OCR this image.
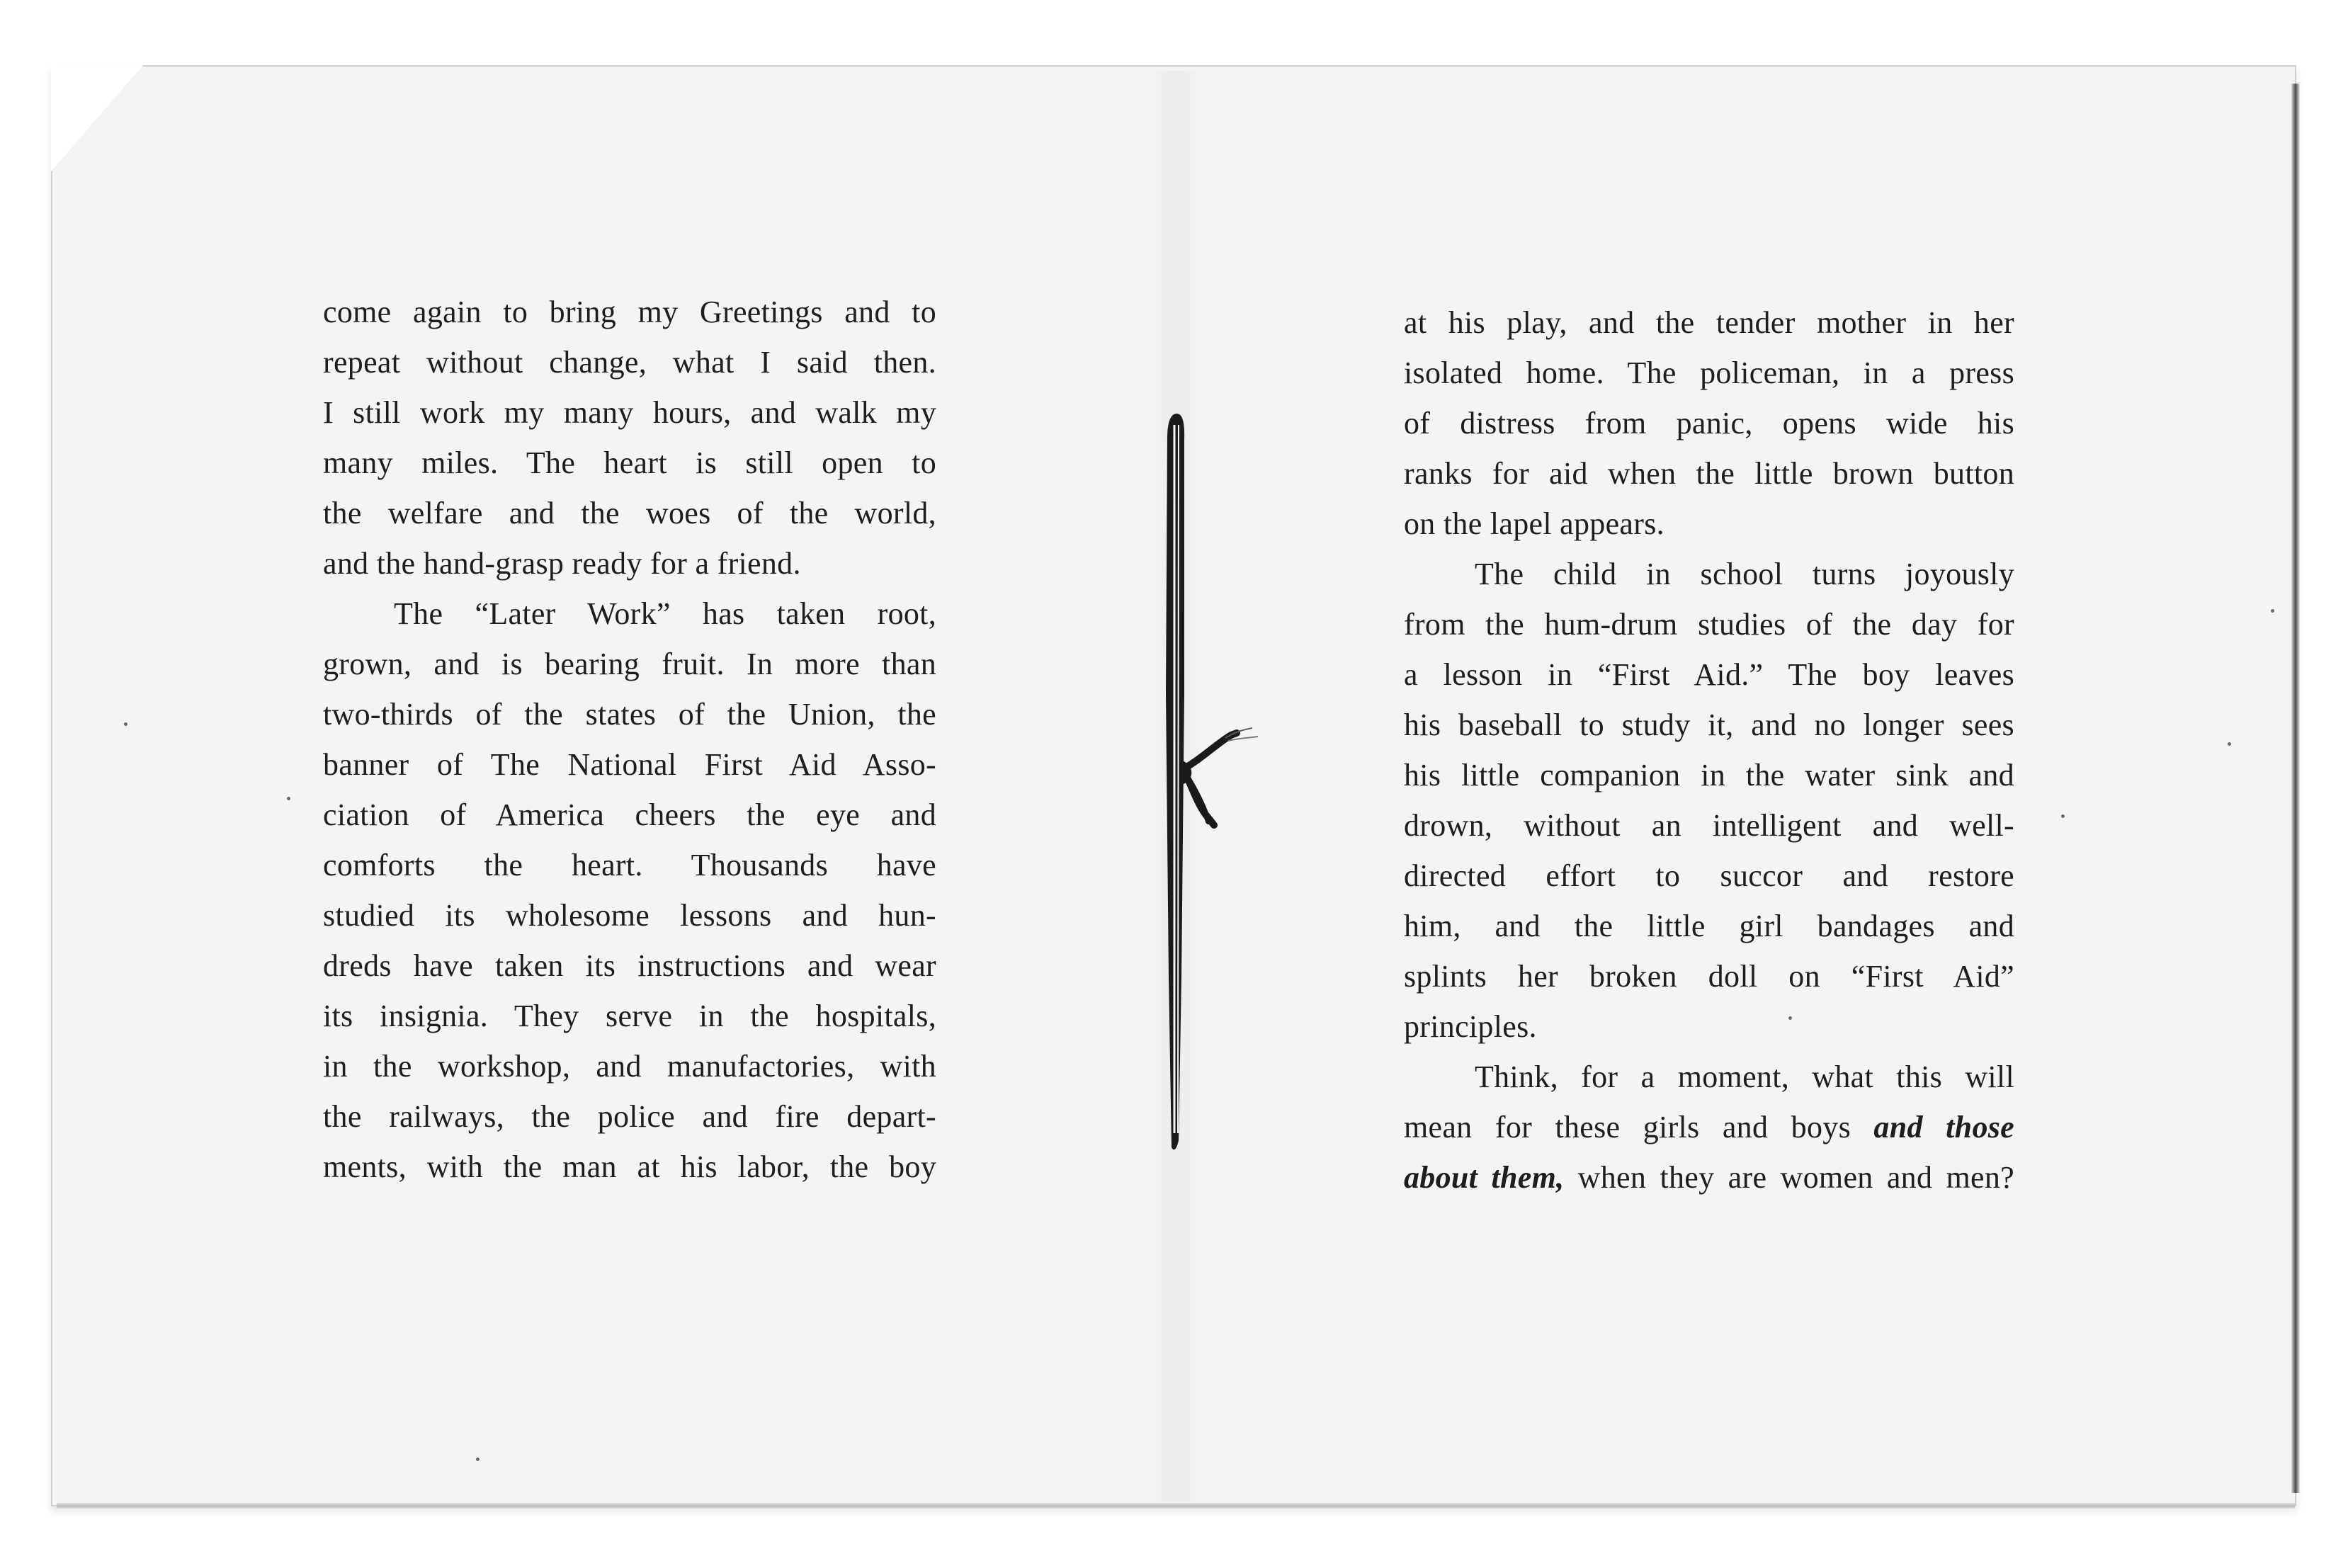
come again to bring my Greetings and to
repeat without change, what I said then.
I still work my many hours, and walk my
many miles. The heart is still open to
the welfare and the woes of the world,
and the hand-grasp ready for a friend.

The “Later Work” has taken root,
grown, and is bearing fruit. In more than
two-thirds of the states of the Union, the
banner of The National First Aid Asso-
ciation of America cheers the eye and
comforts the heart. Thousands have
studied its wholesome lessons and hun-
dreds have taken its instructions and wear
its insignia. They serve in the hospitals,
in the workshop, and manufactories, with
the railways, the police and fire depart-
ments, with the man at his labor, the boy

at his play, and the tender mother in her
isolated home. The policeman, in a press
of distress from panic, opens wide his
ranks for aid when the little brown button
on the lapel appears.

The child in school turns joyously
from the hum-drum studies of the day for
a lesson in “First Aid.” The boy leaves
his baseball to study it, and no longer sees
his little companion in the water sink and
drown, without an intelligent and well-
directed effort to succor and restore
him, and the little girl bandages and
splints her broken doll on “First Aid”
principles.

Think, for a moment, what this will
mean for these girls and boys and those
about them, when they are women and men?
